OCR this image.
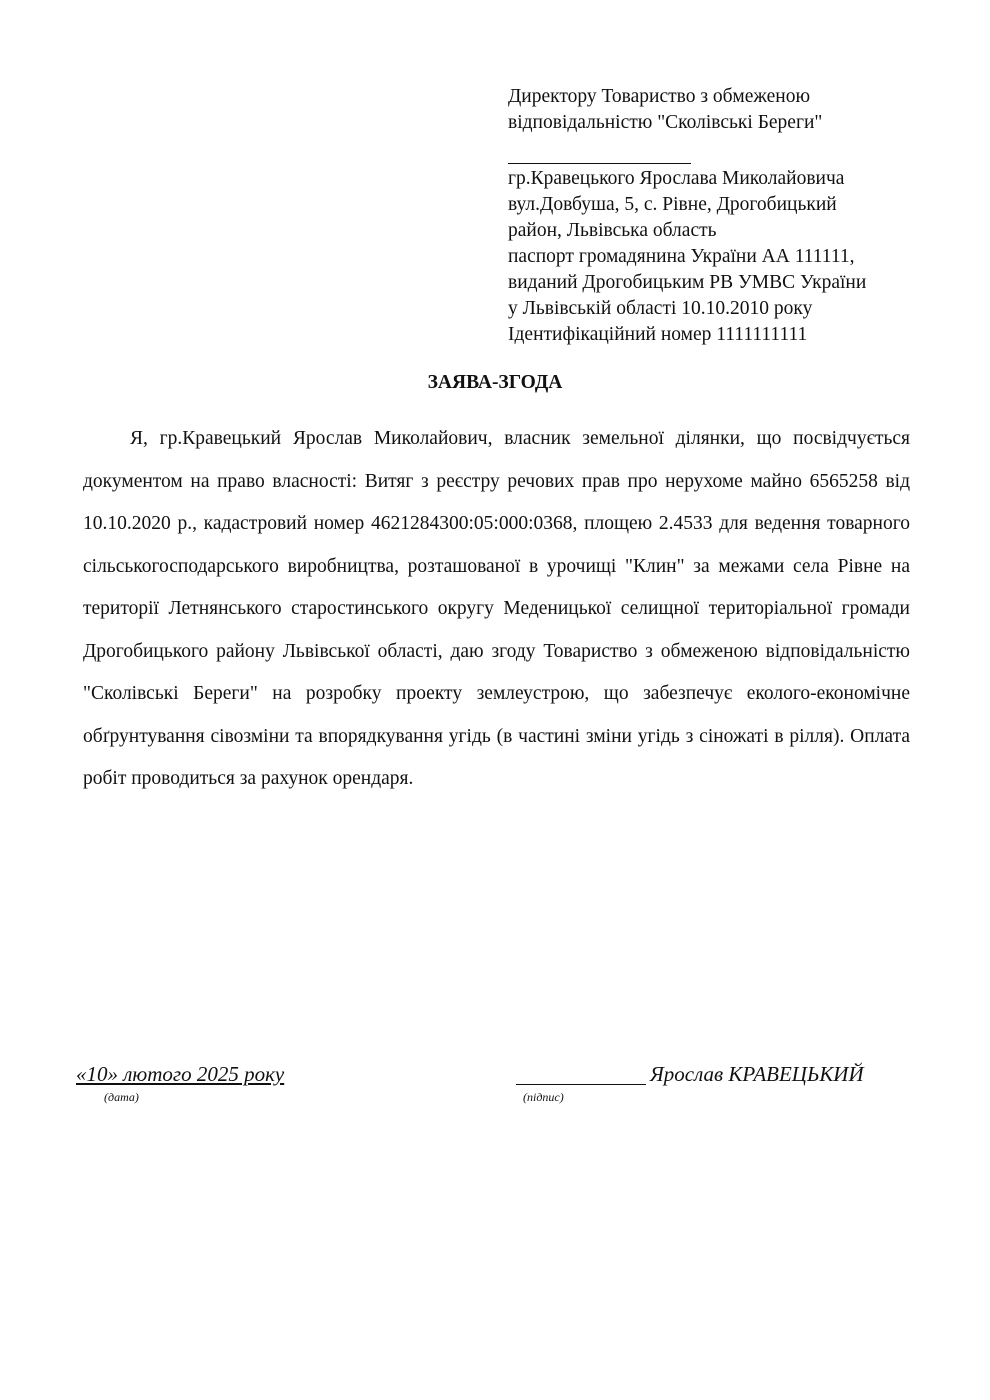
Директору Товариство з обмеженою
відповідальністю "Сколівські Береги"
гр.Кравецького Ярослава Миколайовича
вул.Довбуша, 5, с. Рівне, Дрогобицький
район, Львівська область
паспорт громадянина України АА 111111,
виданий Дрогобицьким РВ УМВС України
у Львівській області 10.10.2010 року
Ідентифікаційний номер 1111111111
ЗАЯВА-ЗГОДА

Я, гр.Кравецький Ярослав Миколайович, власник земельної ділянки, що посвідчується документом на право власності: Витяг з реєстру речових прав про нерухоме майно 6565258 від 10.10.2020 р., кадастровий номер 4621284300:05:000:0368, площею 2.4533 для ведення товарного сільськогосподарського виробництва, розташованої в урочищі "Клин" за межами села Рівне на території Летнянського старостинського округу Меденицької селищної територіальної громади Дрогобицького району Львівської області, даю згоду Товариство з обмеженою відповідальністю "Сколівські Береги" на розробку проекту землеустрою, що забезпечує еколого-економічне обґрунтування сівозміни та впорядкування угідь (в частині зміни угідь з сіножаті в рілля). Оплата робіт проводиться за рахунок орендаря.

«10» лютого 2025 року
(дата)
Ярослав КРАВЕЦЬКИЙ
(підпис)
